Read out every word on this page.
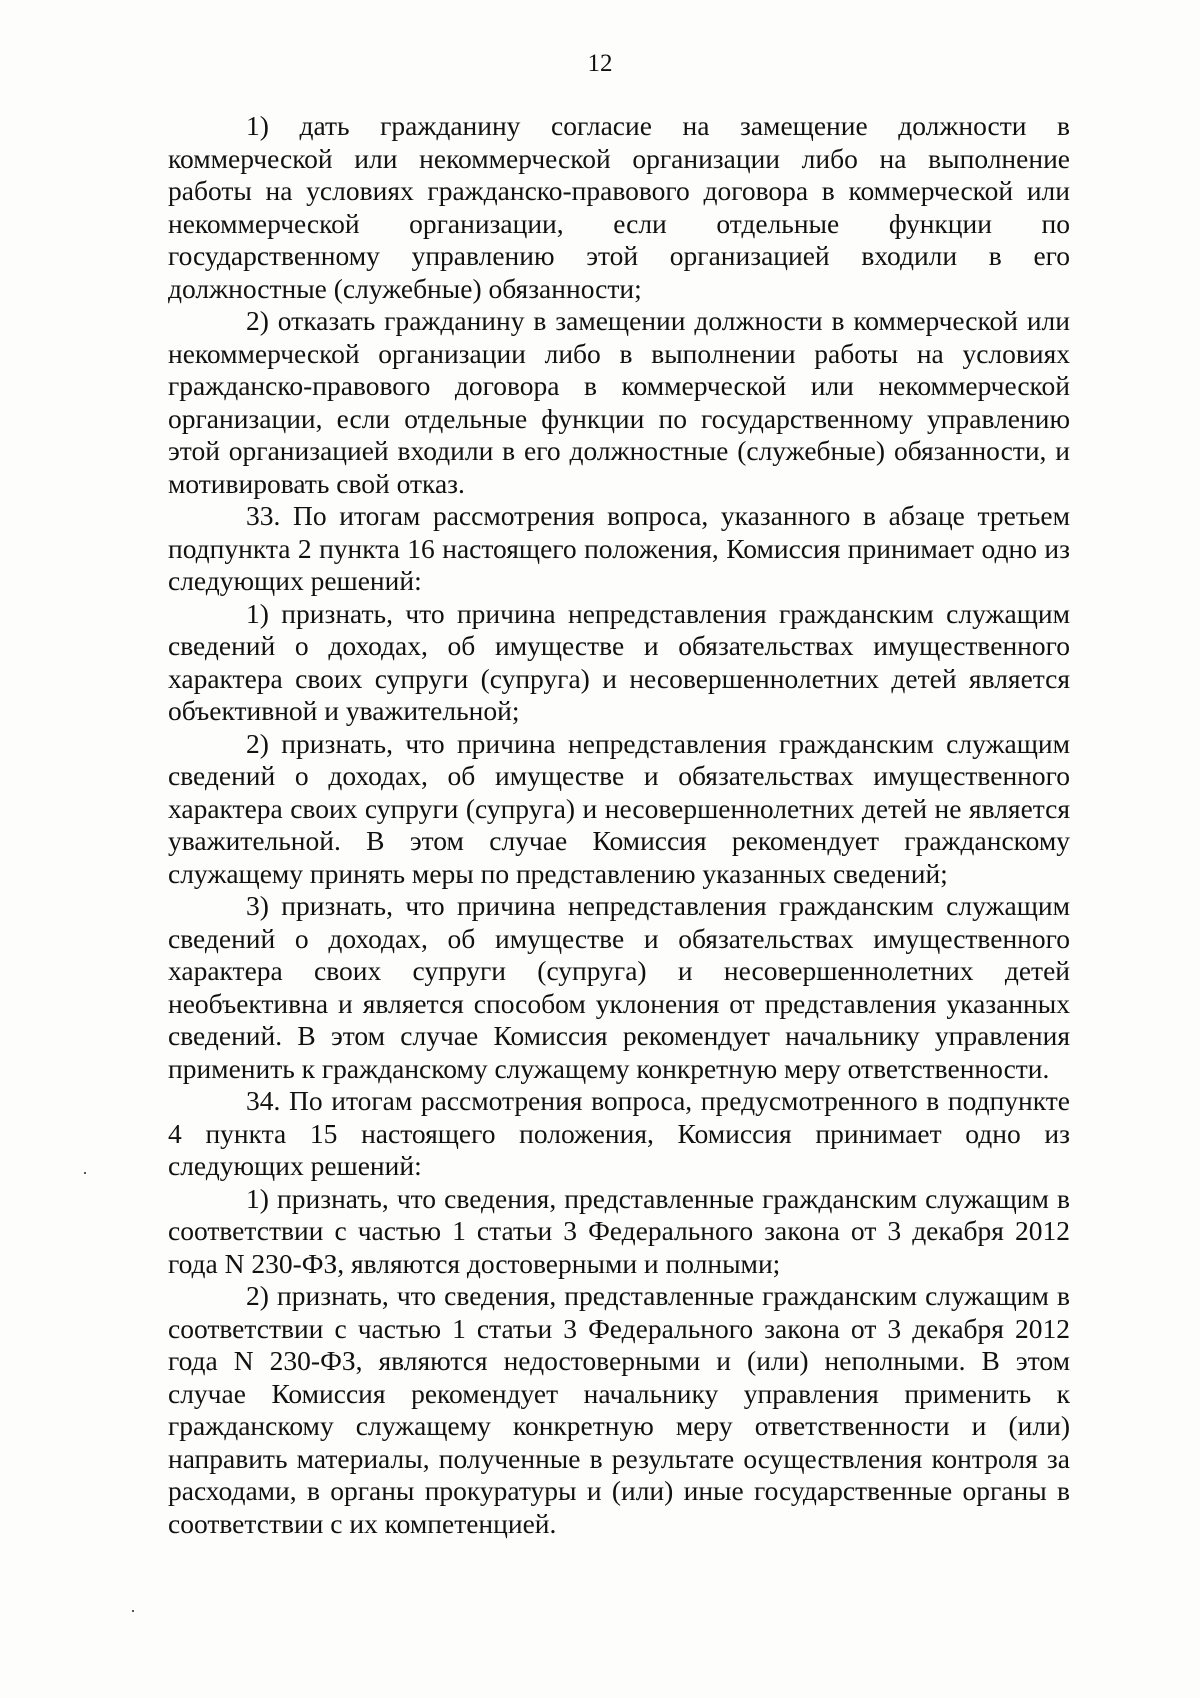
12

1) дать гражданину согласие на замещение должности в коммерческой или некоммерческой организации либо на выполнение работы на условиях гражданско-правового договора в коммерческой или некоммерческой организации, если отдельные функции по государственному управлению этой организацией входили в его должностные (служебные) обязанности;

2) отказать гражданину в замещении должности в коммерческой или некоммерческой организации либо в выполнении работы на условиях гражданско-правового договора в коммерческой или некоммерческой организации, если отдельные функции по государственному управлению этой организацией входили в его должностные (служебные) обязанности, и мотивировать свой отказ.

33. По итогам рассмотрения вопроса, указанного в абзаце третьем подпункта 2 пункта 16 настоящего положения, Комиссия принимает одно из следующих решений:

1) признать, что причина непредставления гражданским служащим сведений о доходах, об имуществе и обязательствах имущественного характера своих супруги (супруга) и несовершеннолетних детей является объективной и уважительной;

2) признать, что причина непредставления гражданским служащим сведений о доходах, об имуществе и обязательствах имущественного характера своих супруги (супруга) и несовершеннолетних детей не является уважительной. В этом случае Комиссия рекомендует гражданскому служащему принять меры по представлению указанных сведений;

3) признать, что причина непредставления гражданским служащим сведений о доходах, об имуществе и обязательствах имущественного характера своих супруги (супруга) и несовершеннолетних детей необъективна и является способом уклонения от представления указанных сведений. В этом случае Комиссия рекомендует начальнику управления применить к гражданскому служащему конкретную меру ответственности.

34. По итогам рассмотрения вопроса, предусмотренного в подпункте 4 пункта 15 настоящего положения, Комиссия принимает одно из следующих решений:

1) признать, что сведения, представленные гражданским служащим в соответствии с частью 1 статьи 3 Федерального закона от 3 декабря 2012 года N 230-ФЗ, являются достоверными и полными;

2) признать, что сведения, представленные гражданским служащим в соответствии с частью 1 статьи 3 Федерального закона от 3 декабря 2012 года N 230-ФЗ, являются недостоверными и (или) неполными. В этом случае Комиссия рекомендует начальнику управления применить к гражданскому служащему конкретную меру ответственности и (или) направить материалы, полученные в результате осуществления контроля за расходами, в органы прокуратуры и (или) иные государственные органы в соответствии с их компетенцией.
